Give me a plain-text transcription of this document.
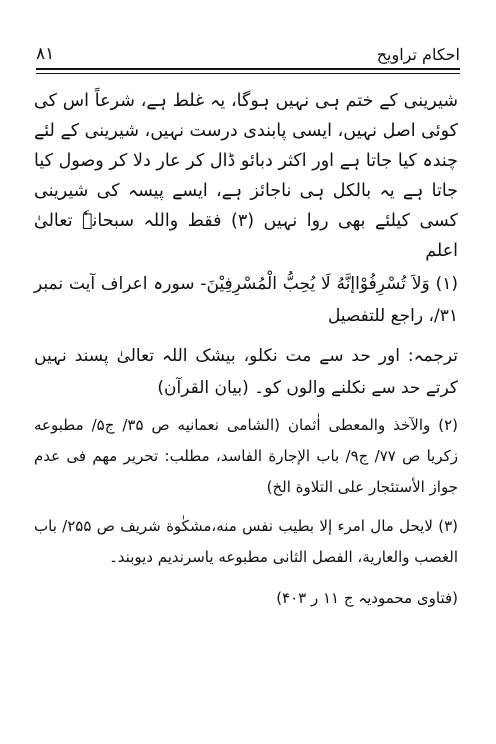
۸۱	احکام تراویح

شیرینی کے ختم ہی نہیں ہوگا، یہ غلط ہے، شرعاً اس کی کوئی اصل نہیں، ایسی پابندی درست نہیں، شیرینی کے لئے چندہ کیا جاتا ہے اور اکثر دبائو ڈال کر عار دلا کر وصول کیا جاتا ہے یہ بالکل ہی ناجائز ہے، ایسے پیسہ کی شیرینی کسی کیلئے بھی روا نہیں (۳) فقط واللہ سبحانہٗ تعالیٰ اعلم

(۱) وَلاَ تُسْرِفُوْاإنَّهُ لَا يُحِبُّ الْمُسْرِفِيْنَ- سورہ اعراف آیت نمبر ۳۱/، راجع للتفصیل

ترجمہ: اور حد سے مت نکلو، بیشک اللہ تعالیٰ پسند نہیں کرتے حد سے نکلنے والوں کو۔ (بیان القرآن)

(۲) والآخذ والمعطی اٰثمان (الشامی نعمانیه ص ۳۵/ ج۵/ مطبوعه زکریا ص ۷۷/ ج۹/ باب الإجارة الفاسد، مطلب: تحریر مهم فی عدم جواز الأستئجار علی التلاوة الخ)

(۳) لایحل مال امرء إلا بطیب نفس منه،مشکٰوة شریف ص ۲۵۵/ باب الغصب والعاریة، الفصل الثانی مطبوعه یاسرندیم دیوبند۔

(فتاوی محمودیہ ج ۱۱ ر ۴۰۳)
